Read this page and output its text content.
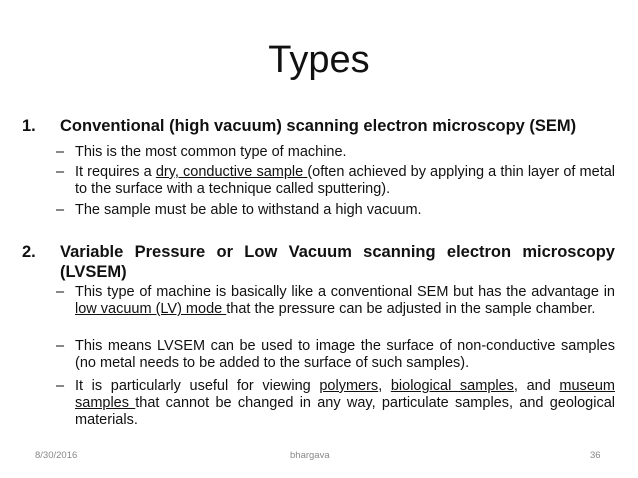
Types
1. Conventional (high vacuum) scanning electron microscopy (SEM)
– This is the most common type of machine.
– It requires a dry, conductive sample (often achieved by applying a thin layer of metal to the surface with a technique called sputtering).
– The sample must be able to withstand a high vacuum.
2. Variable Pressure or Low Vacuum scanning electron microscopy (LVSEM)
– This type of machine is basically like a conventional SEM but has the advantage in low vacuum (LV) mode that the pressure can be adjusted in the sample chamber.
– This means LVSEM can be used to image the surface of non-conductive samples (no metal needs to be added to the surface of such samples).
– It is particularly useful for viewing polymers, biological samples, and museum samples that cannot be changed in any way, particulate samples, and geological materials.
8/30/2016	bhargava	36
